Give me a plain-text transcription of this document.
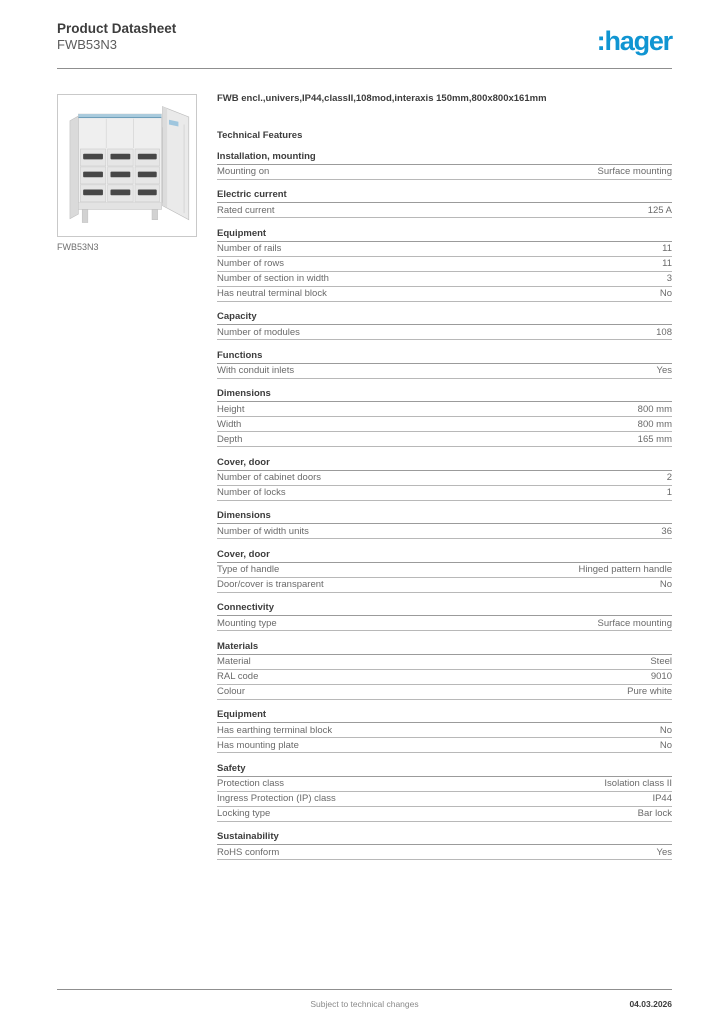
Product Datasheet
FWB53N3	:hager
FWB53N3
FWB encl.,univers,IP44,classII,108mod,interaxis 150mm,800x800x161mm
Technical Features
Installation, mounting
Mounting on	Surface mounting
Electric current
Rated current	125 A
Equipment
Number of rails	11
Number of rows	11
Number of section in width	3
Has neutral terminal block	No
Capacity
Number of modules	108
Functions
With conduit inlets	Yes
Dimensions
Height	800 mm
Width	800 mm
Depth	165 mm
Cover, door
Number of cabinet doors	2
Number of locks	1
Dimensions
Number of width units	36
Cover, door
Type of handle	Hinged pattern handle
Door/cover is transparent	No
Connectivity
Mounting type	Surface mounting
Materials
Material	Steel
RAL code	9010
Colour	Pure white
Equipment
Has earthing terminal block	No
Has mounting plate	No
Safety
Protection class	Isolation class II
Ingress Protection (IP) class	IP44
Locking type	Bar lock
Sustainability
RoHS conform	Yes
Subject to technical changes	04.03.2026
